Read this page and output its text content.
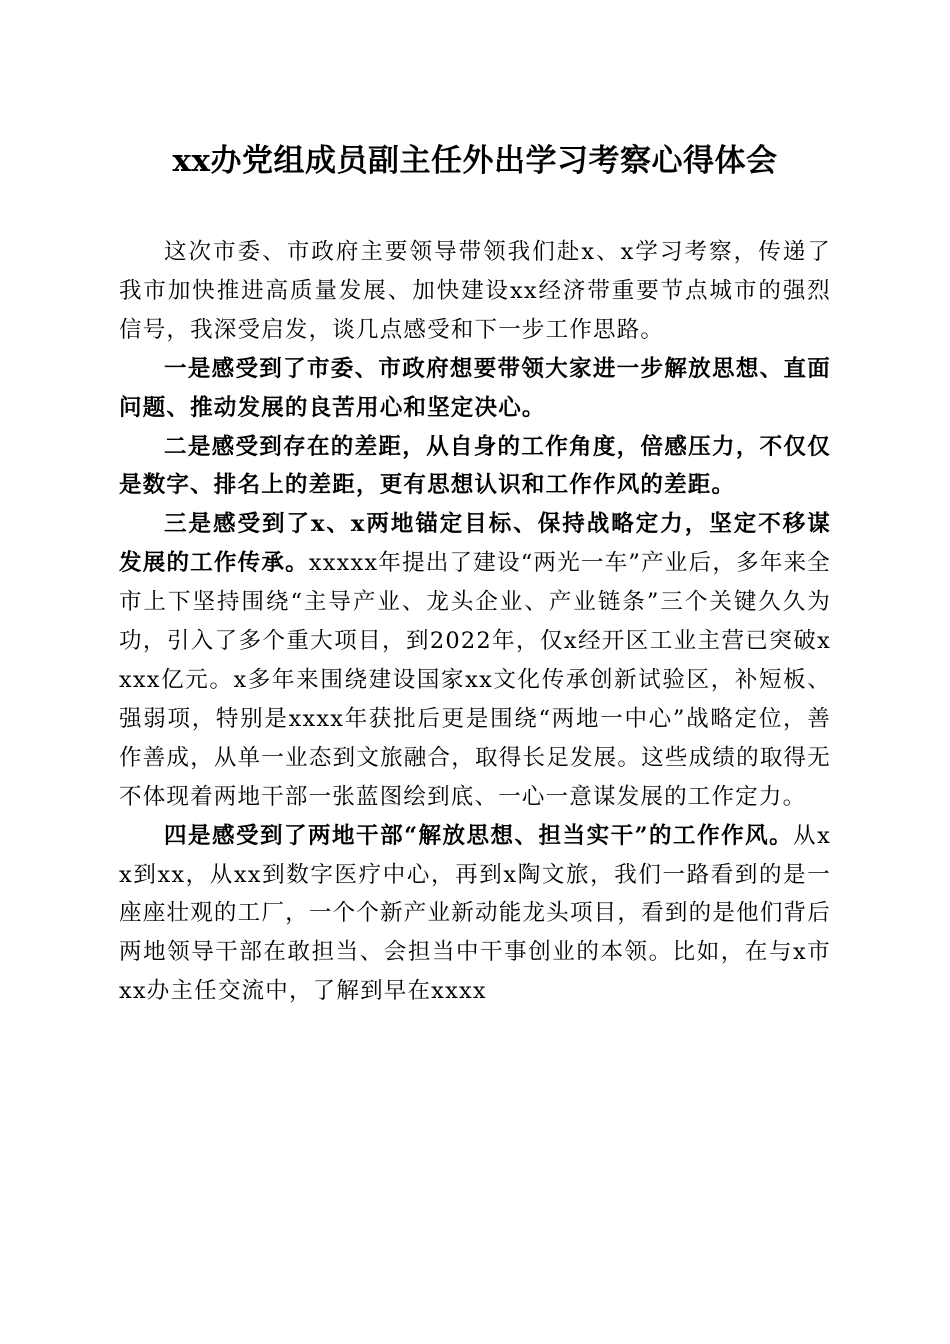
xx办党组成员副主任外出学习考察心得体会

这次市委、市政府主要领导带领我们赴x、x学习考察，传递了我市加快推进高质量发展、加快建设xx经济带重要节点城市的强烈信号，我深受启发，谈几点感受和下一步工作思路。

一是感受到了市委、市政府想要带领大家进一步解放思想、直面问题、推动发展的良苦用心和坚定决心。

二是感受到存在的差距，从自身的工作角度，倍感压力，不仅仅是数字、排名上的差距，更有思想认识和工作作风的差距。

三是感受到了x、x两地锚定目标、保持战略定力，坚定不移谋发展的工作传承。xxxxx年提出了建设“两光一车”产业后，多年来全市上下坚持围绕“主导产业、龙头企业、产业链条”三个关键久久为功，引入了多个重大项目，到2022年，仅x经开区工业主营已突破xxxx亿元。x多年来围绕建设国家xx文化传承创新试验区，补短板、强弱项，特别是xxxx年获批后更是围绕“两地一中心”战略定位，善作善成，从单一业态到文旅融合，取得长足发展。这些成绩的取得无不体现着两地干部一张蓝图绘到底、一心一意谋发展的工作定力。

四是感受到了两地干部“解放思想、担当实干”的工作作风。从xx到xx，从xx到数字医疗中心，再到x陶文旅，我们一路看到的是一座座壮观的工厂，一个个新产业新动能龙头项目，看到的是他们背后两地领导干部在敢担当、会担当中干事创业的本领。比如，在与x市xx办主任交流中，了解到早在xxxx
